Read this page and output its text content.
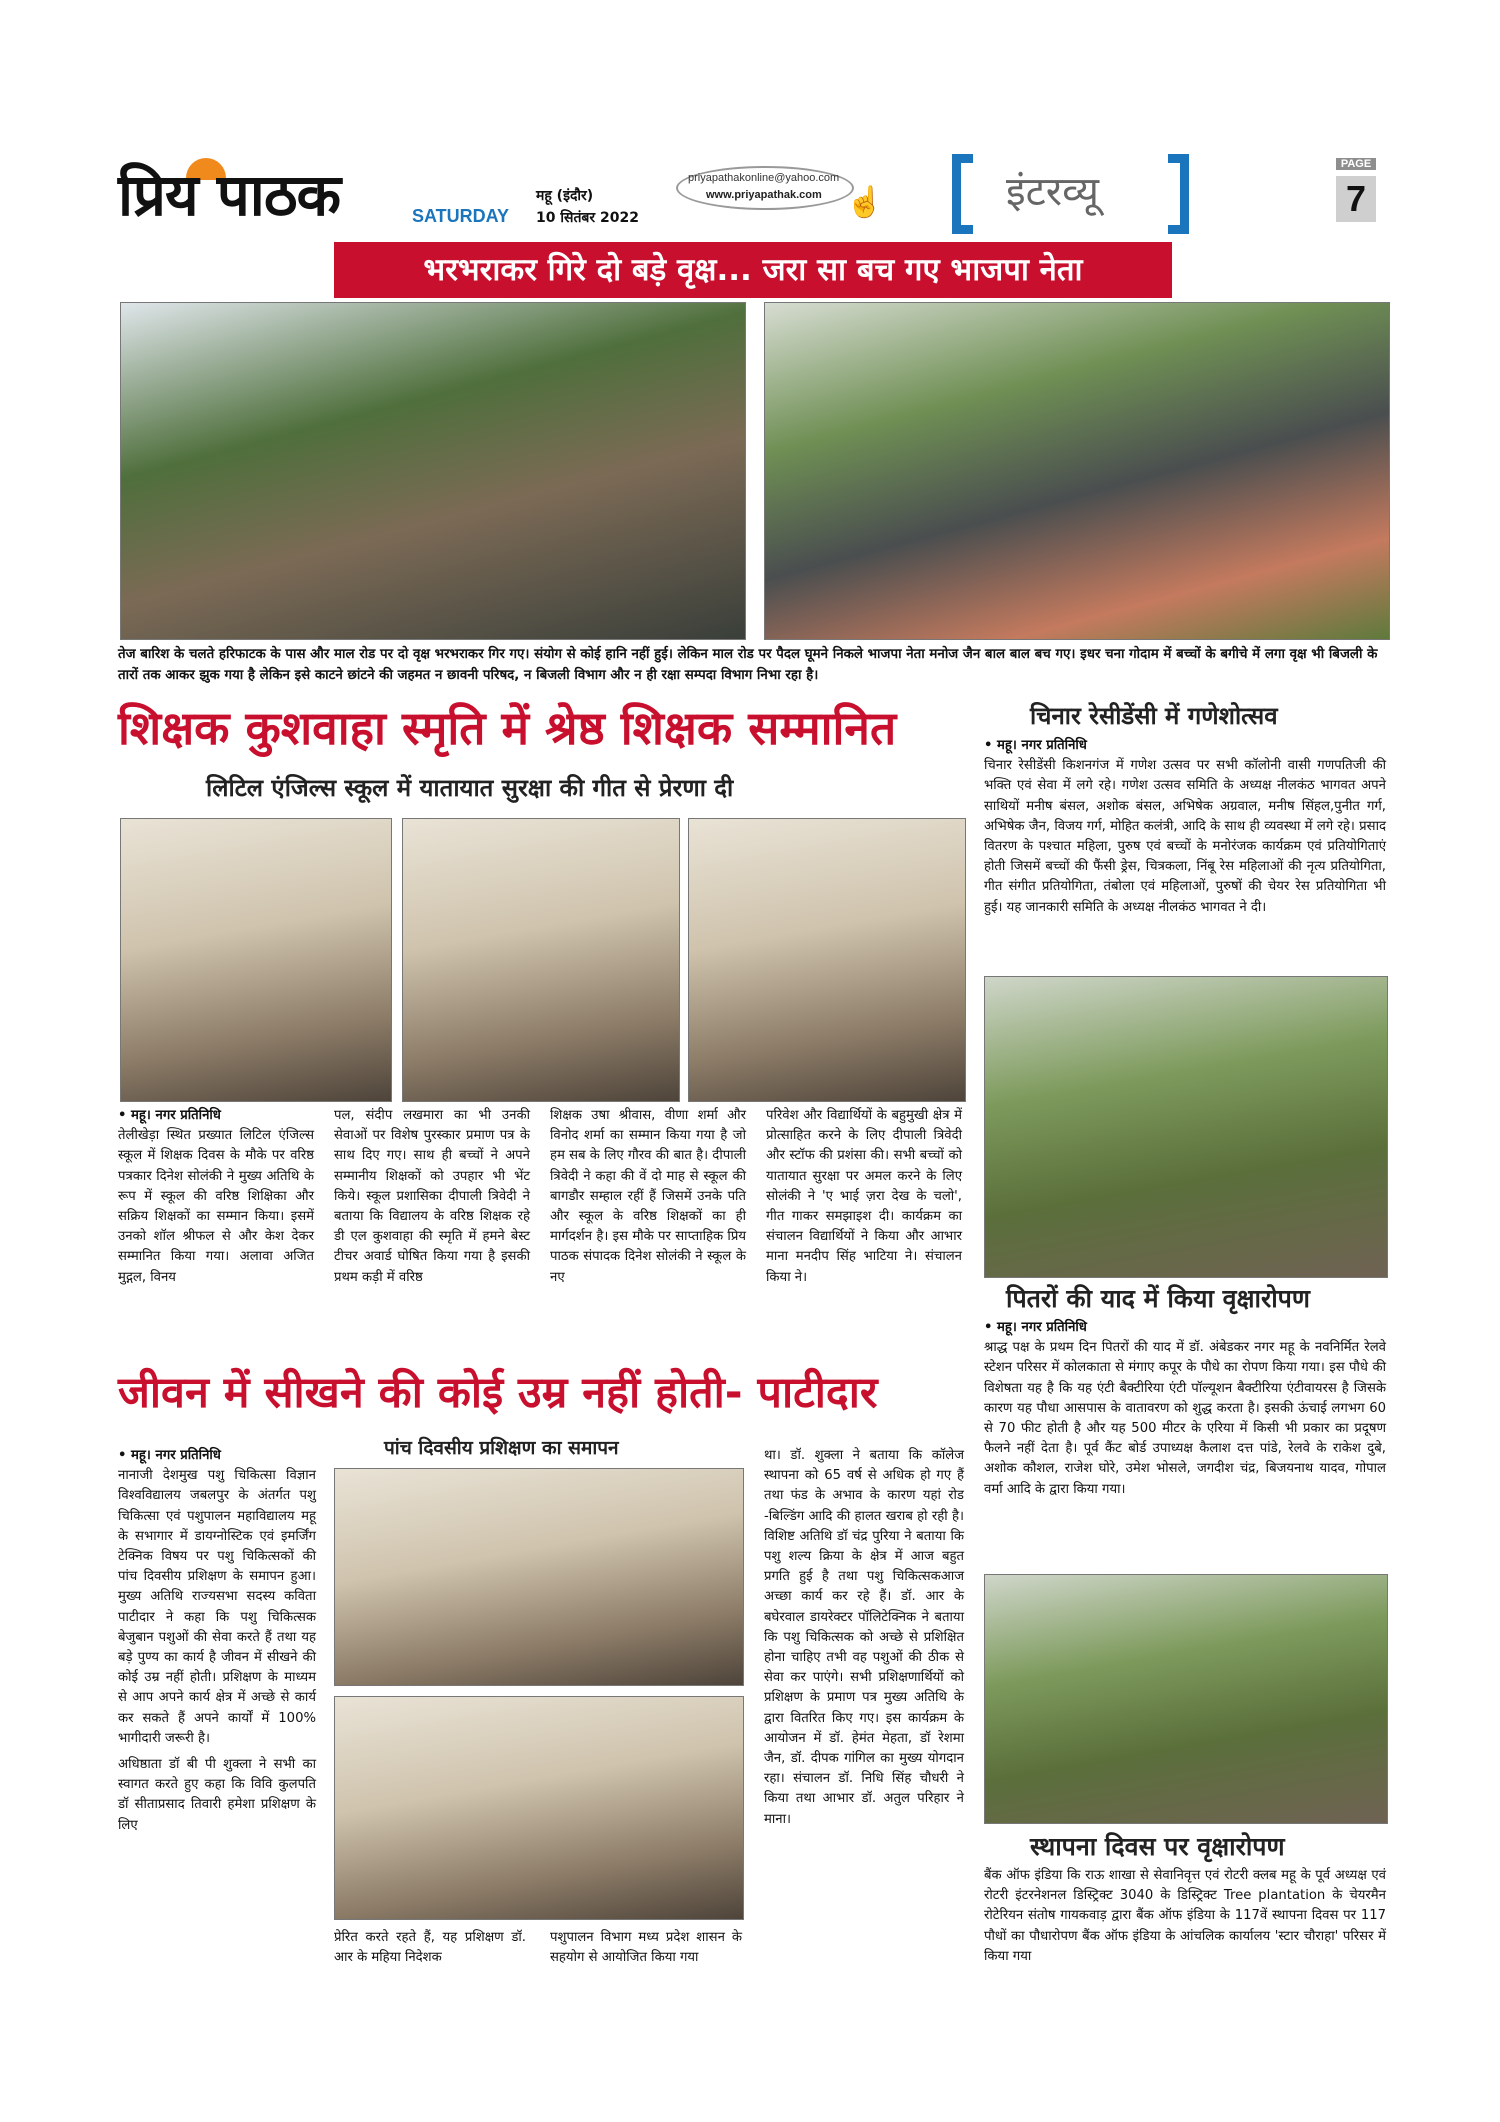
प्रिय पाठक	SATURDAY
महू (इंदौर)
10 सितंबर 2022
priyapathakonline@yahoo.com
www.priyapathak.com ☝	इंटरव्यू
PAGE
7
भरभराकर गिरे दो बड़े वृक्ष... जरा सा बच गए भाजपा नेता
तेज बारिश के चलते हरिफाटक के पास और माल रोड पर दो वृक्ष भरभराकर गिर गए। संयोग से कोई हानि नहीं हुई। लेकिन माल रोड पर पैदल घूमने निकले भाजपा नेता मनोज जैन बाल बाल बच गए। इधर चना गोदाम में बच्चों के बगीचे में लगा वृक्ष भी बिजली के तारों तक आकर झुक गया है लेकिन इसे काटने छांटने की जहमत न छावनी परिषद, न बिजली विभाग और न ही रक्षा सम्पदा विभाग निभा रहा है।
शिक्षक कुशवाहा स्मृति में श्रेष्ठ शिक्षक सम्मानित
लिटिल एंजिल्स स्कूल में यातायात सुरक्षा की गीत से प्रेरणा दी
• महू। नगर प्रतिनिधि
तेलीखेड़ा स्थित प्रख्यात लिटिल एंजिल्स स्कूल में शिक्षक दिवस के मौके पर वरिष्ठ पत्रकार दिनेश सोलंकी ने मुख्य अतिथि के रूप में स्कूल की वरिष्ठ शिक्षिका और सक्रिय शिक्षकों का सम्मान किया। इसमें उनको शॉल श्रीफल से और केश देकर सम्मानित किया गया। अलावा अजित मुद्गल, विनय
पल, संदीप लखमारा का भी उनकी सेवाओं पर विशेष पुरस्कार प्रमाण पत्र के साथ दिए गए। साथ ही बच्चों ने अपने सम्मानीय शिक्षकों को उपहार भी भेंट किये। स्कूल प्रशासिका दीपाली त्रिवेदी ने बताया कि विद्यालय के वरिष्ठ शिक्षक रहे डी एल कुशवाहा की स्मृति में हमने बेस्ट टीचर अवार्ड घोषित किया गया है इसकी प्रथम कड़ी में वरिष्ठ
शिक्षक उषा श्रीवास, वीणा शर्मा और विनोद शर्मा का सम्मान किया गया है जो हम सब के लिए गौरव की बात है। दीपाली त्रिवेदी ने कहा की वें दो माह से स्कूल की बागडौर सम्हाल रहीं हैं जिसमें उनके पति और स्कूल के वरिष्ठ शिक्षकों का ही मार्गदर्शन है। इस मौके पर साप्ताहिक प्रिय पाठक संपादक दिनेश सोलंकी ने स्कूल के नए
परिवेश और विद्यार्थियों के बहुमुखी क्षेत्र में प्रोत्साहित करने के लिए दीपाली त्रिवेदी और स्टॉफ की प्रशंसा की। सभी बच्चों को यातायात सुरक्षा पर अमल करने के लिए सोलंकी ने 'ए भाई ज़रा देख के चलो', गीत गाकर समझाइश दी। कार्यक्रम का संचालन विद्यार्थियों ने किया और आभार माना मनदीप सिंह भाटिया ने। संचालन किया ने।
चिनार रेसीडेंसी में गणेशोत्सव
• महू। नगर प्रतिनिधि
चिनार रेसीडेंसी किशनगंज में गणेश उत्सव पर सभी कॉलोनी वासी गणपतिजी की भक्ति एवं सेवा में लगे रहे। गणेश उत्सव समिति के अध्यक्ष नीलकंठ भागवत अपने साथियों मनीष बंसल, अशोक बंसल, अभिषेक अग्रवाल, मनीष सिंहल,पुनीत गर्ग, अभिषेक जैन, विजय गर्ग, मोहित कलंत्री, आदि के साथ ही व्यवस्था में लगे रहे। प्रसाद वितरण के पश्चात महिला, पुरुष एवं बच्चों के मनोरंजक कार्यक्रम एवं प्रतियोगिताएं होती जिसमें बच्चों की फैंसी ड्रेस, चित्रकला, निंबू रेस महिलाओं की नृत्य प्रतियोगिता, गीत संगीत प्रतियोगिता, तंबोला एवं महिलाओं, पुरुषों की चेयर रेस प्रतियोगिता भी हुई। यह जानकारी समिति के अध्यक्ष नीलकंठ भागवत ने दी।
पितरों की याद में किया वृक्षारोपण
• महू। नगर प्रतिनिधि
श्राद्ध पक्ष के प्रथम दिन पितरों की याद में डॉ. अंबेडकर नगर महू के नवनिर्मित रेलवे स्टेशन परिसर में कोलकाता से मंगाए कपूर के पौधे का रोपण किया गया। इस पौधे की विशेषता यह है कि यह एंटी बैक्टीरिया एंटी पॉल्यूशन बैक्टीरिया एंटीवायरस है जिसके कारण यह पौधा आसपास के वातावरण को शुद्ध करता है। इसकी ऊंचाई लगभग 60 से 70 फीट होती है और यह 500 मीटर के एरिया में किसी भी प्रकार का प्रदूषण फैलने नहीं देता है। पूर्व कैंट बोर्ड उपाध्यक्ष कैलाश दत्त पांडे, रेलवे के राकेश दुबे, अशोक कौशल, राजेश घोरे, उमेश भोसले, जगदीश चंद्र, बिजयनाथ यादव, गोपाल वर्मा आदि के द्वारा किया गया।
स्थापना दिवस पर वृक्षारोपण
बैंक ऑफ इंडिया कि राऊ शाखा से सेवानिवृत्त एवं रोटरी क्लब महू के पूर्व अध्यक्ष एवं रोटरी इंटरनेशनल डिस्ट्रिक्ट 3040 के डिस्ट्रिक्ट Tree plantation के चेयरमैन रोटेरियन संतोष गायकवाड़ द्वारा बैंक ऑफ इंडिया के 117वें स्थापना दिवस पर 117 पौधों का पौधारोपण बैंक ऑफ इंडिया के आंचलिक कार्यालय 'स्टार चौराहा' परिसर में किया गया
जीवन में सीखने की कोई उम्र नहीं होती- पाटीदार
• महू। नगर प्रतिनिधि
नानाजी देशमुख पशु चिकित्सा विज्ञान विश्वविद्यालय जबलपुर के अंतर्गत पशु चिकित्सा एवं पशुपालन महाविद्यालय महू के सभागार में डायग्नोस्टिक एवं इमर्जिंग टेक्निक विषय पर पशु चिकित्सकों की पांच दिवसीय प्रशिक्षण के समापन हुआ। मुख्य अतिथि राज्यसभा सदस्य कविता पाटीदार ने कहा कि पशु चिकित्सक बेजुबान पशुओं की सेवा करते हैं तथा यह बड़े पुण्य का कार्य है जीवन में सीखने की कोई उम्र नहीं होती। प्रशिक्षण के माध्यम से आप अपने कार्य क्षेत्र में अच्छे से कार्य कर सकते हैं अपने कार्यों में 100% भागीदारी जरूरी है।
अधिष्ठाता डॉ बी पी शुक्ला ने सभी का स्वागत करते हुए कहा कि विवि कुलपति डॉ सीताप्रसाद तिवारी हमेशा प्रशिक्षण के लिए
पांच दिवसीय प्रशिक्षण का समापन
प्रेरित करते रहते हैं, यह प्रशिक्षण डॉ. आर के महिया निदेशक
पशुपालन विभाग मध्य प्रदेश शासन के सहयोग से आयोजित किया गया
था। डॉ. शुक्ला ने बताया कि कॉलेज स्थापना को 65 वर्ष से अधिक हो गए हैं तथा फंड के अभाव के कारण यहां रोड -बिल्डिंग आदि की हालत खराब हो रही है। विशिष्ट अतिथि डॉ चंद्र पुरिया ने बताया कि पशु शल्य क्रिया के क्षेत्र में आज बहुत प्रगति हुई है तथा पशु चिकित्सकआज अच्छा कार्य कर रहे हैं। डॉ. आर के बघेरवाल डायरेक्टर पॉलिटेक्निक ने बताया कि पशु चिकित्सक को अच्छे से प्रशिक्षित होना चाहिए तभी वह पशुओं की ठीक से सेवा कर पाएंगे। सभी प्रशिक्षणार्थियों को प्रशिक्षण के प्रमाण पत्र मुख्य अतिथि के द्वारा वितरित किए गए। इस कार्यक्रम के आयोजन में डॉ. हेमंत मेहता, डॉ रेशमा जैन, डॉ. दीपक गांगिल का मुख्य योगदान रहा। संचालन डॉ. निधि सिंह चौधरी ने किया तथा आभार डॉ. अतुल परिहार ने माना।
